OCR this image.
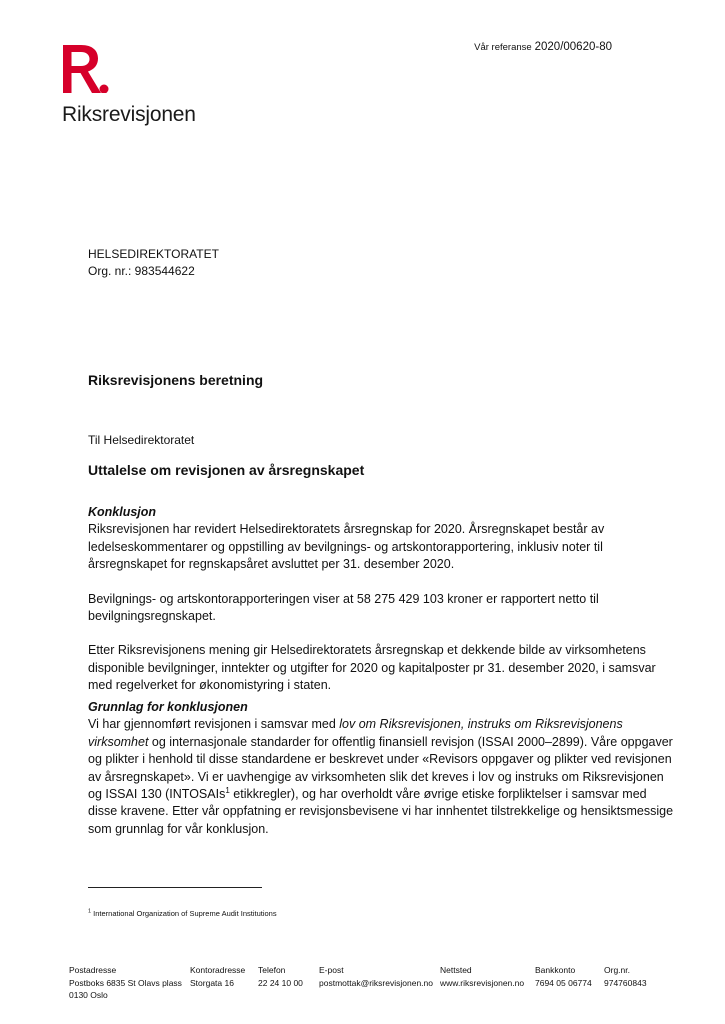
Vår referanse 2020/00620-80
Riksrevisjonen
HELSEDIREKTORATET
Org. nr.: 983544622
Riksrevisjonens beretning
Til Helsedirektoratet
Uttalelse om revisjonen av årsregnskapet
Konklusjon

Riksrevisjonen har revidert Helsedirektoratets årsregnskap for 2020. Årsregnskapet består av ledelseskommentarer og oppstilling av bevilgnings- og artskontorapportering, inklusiv noter til årsregnskapet for regnskapsåret avsluttet per 31. desember 2020.

Bevilgnings- og artskontorapporteringen viser at 58 275 429 103 kroner er rapportert netto til bevilgningsregnskapet.

Etter Riksrevisjonens mening gir Helsedirektoratets årsregnskap et dekkende bilde av virksomhetens disponible bevilgninger, inntekter og utgifter for 2020 og kapitalposter pr 31. desember 2020, i samsvar med regelverket for økonomistyring i staten.

Grunnlag for konklusjonen

Vi har gjennomført revisjonen i samsvar med lov om Riksrevisjonen, instruks om Riksrevisjonens virksomhet og internasjonale standarder for offentlig finansiell revisjon (ISSAI 2000–2899). Våre oppgaver og plikter i henhold til disse standardene er beskrevet under «Revisors oppgaver og plikter ved revisjonen av årsregnskapet». Vi er uavhengige av virksomheten slik det kreves i lov og instruks om Riksrevisjonen og ISSAI 130 (INTOSAIs$^1$ etikkregler), og har overholdt våre øvrige etiske forpliktelser i samsvar med disse kravene. Etter vår oppfatning er revisjonsbevisene vi har innhentet tilstrekkelige og hensiktsmessige som grunnlag for vår konklusjon.

$^1$ International Organization of Supreme Audit Institutions
Postadresse
Postboks 6835 St Olavs plass
0130 Oslo
Kontoradresse
Storgata 16
Telefon
22 24 10 00
E-post
postmottak@riksrevisjonen.no
Nettsted
www.riksrevisjonen.no
Bankkonto
7694 05 06774
Org.nr.
974760843
